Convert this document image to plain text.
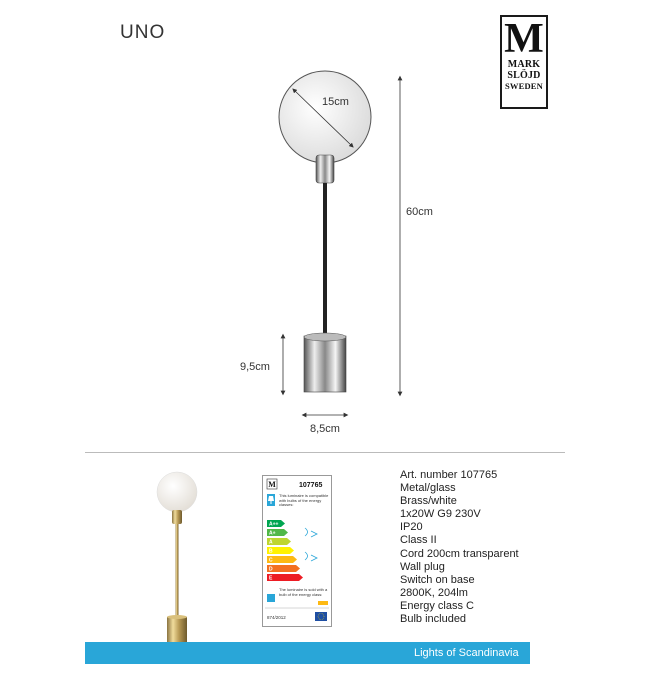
UNO	M
MARK
SLÖJD
SWEDEN
15cm
60cm
9,5cm
8,5cm
M	107765
A++
A+
A
B
C
D
E
874/2012
This luminaire is compatible with bulbs of the energy classes:
The luminaire is sold with a bulb of the energy class:
Art. number 107765
Metal/glass
Brass/white
1x20W G9 230V
IP20
Class II
Cord 200cm transparent
Wall plug
Switch on base
2800K, 204lm
Energy class C
Bulb included
Lights of Scandinavia
